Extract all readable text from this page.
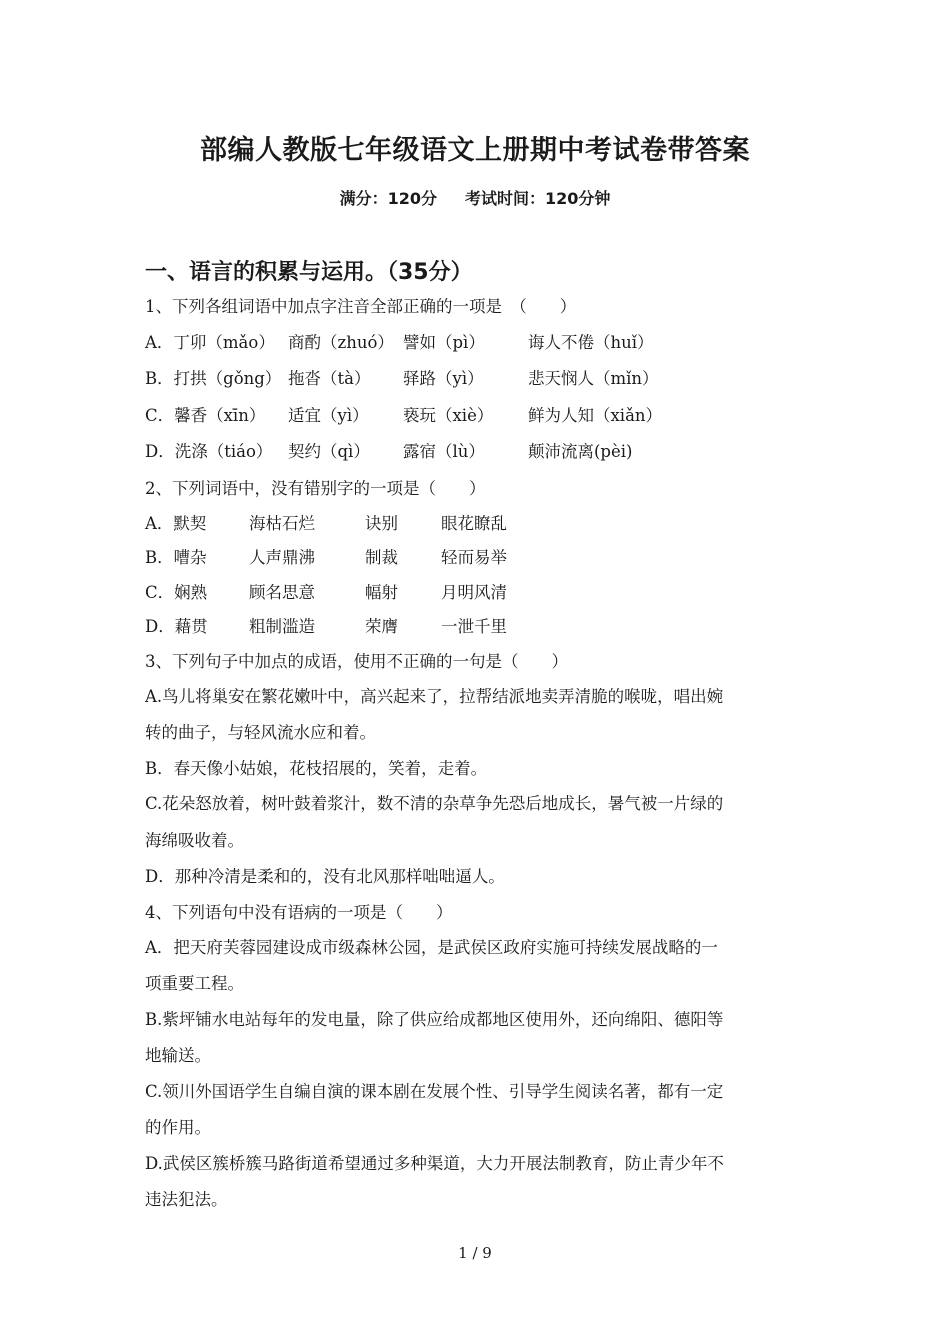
部编人教版七年级语文上册期中考试卷带答案
满分：120分 考试时间：120分钟
一、语言的积累与运用。（35分）
1、下列各组词语中加点字注音全部正确的一项是　（　　）
A．丁卯（mǎo） 商酌（zhuó） 譬如（pì）	诲人不倦（huǐ）
B．打拱（gǒng） 拖沓（tà） 驿路（yì）	悲天悯人（mǐn）
C．馨香（xīn） 适宜（yì） 亵玩（xiè） 鲜为人知（xiǎn）
D．洗涤（tiáo） 契约（qì） 露宿（lù）	颠沛流离(pèi)
2、下列词语中，没有错别字的一项是（　　）
A．默契	海枯石烂	诀别	眼花瞭乱
B．嘈杂	人声鼎沸	制裁	轻而易举
C．娴熟	顾名思意	幅射	月明风清
D．藉贯	粗制滥造	荣膺	一泄千里
3、下列句子中加点的成语，使用不正确的一句是（　　）
A.鸟儿将巢安在繁花嫩叶中，高兴起来了，拉帮结派地卖弄清脆的喉咙，唱出婉
转的曲子，与轻风流水应和着。
B．春天像小姑娘，花枝招展的，笑着，走着。
C.花朵怒放着，树叶鼓着浆汁，数不清的杂草争先恐后地成长，暑气被一片绿的
海绵吸收着。
D．那种冷清是柔和的，没有北风那样咄咄逼人。
4、下列语句中没有语病的一项是（　　）
A．把天府芙蓉园建设成市级森林公园，是武侯区政府实施可持续发展战略的一
项重要工程。
B.紫坪铺水电站每年的发电量，除了供应给成都地区使用外，还向绵阳、德阳等
地输送。
C.领川外国语学生自编自演的课本剧在发展个性、引导学生阅读名著，都有一定
的作用。
D.武侯区簇桥簇马路街道希望通过多种渠道，大力开展法制教育，防止青少年不
违法犯法。
1 / 9
